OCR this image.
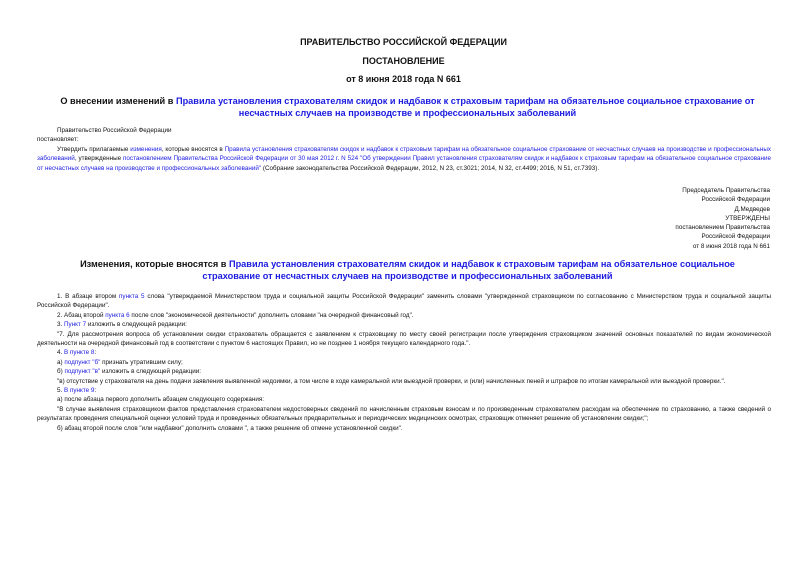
ПРАВИТЕЛЬСТВО РОССИЙСКОЙ ФЕДЕРАЦИИ
ПОСТАНОВЛЕНИЕ
от 8 июня 2018 года N 661
О внесении изменений в Правила установления страхователям скидок и надбавок к страховым тарифам на обязательное социальное страхование от несчастных случаев на производстве и профессиональных заболеваний

Правительство Российской Федерации

постановляет:

Утвердить прилагаемые изменения, которые вносятся в Правила установления страхователям скидок и надбавок к страховым тарифам на обязательное социальное страхование от несчастных случаев на производстве и профессиональных заболеваний, утвержденные постановлением Правительства Российской Федерации от 30 мая 2012 г. N 524 "Об утверждении Правил установления страхователям скидок и надбавок к страховым тарифам на обязательное социальное страхование от несчастных случаев на производстве и профессиональных заболеваний" (Собрание законодательства Российской Федерации, 2012, N 23, ст.3021; 2014, N 32, ст.4499; 2016, N 51, ст.7393).

Председатель Правительства
Российской Федерации
Д.Медведев
УТВЕРЖДЕНЫ
постановлением Правительства
Российской Федерации
от 8 июня 2018 года N 661
Изменения, которые вносятся в Правила установления страхователям скидок и надбавок к страховым тарифам на обязательное социальное страхование от несчастных случаев на производстве и профессиональных заболеваний

1. В абзаце втором пункта 5 слова "утверждаемой Министерством труда и социальной защиты Российской Федерации" заменить словами "утвержденной страховщиком по согласованию с Министерством труда и социальной защиты Российской Федерации".

2. Абзац второй пункта 6 после слов "экономической деятельности" дополнить словами "на очередной финансовый год".

3. Пункт 7 изложить в следующей редакции:

"7. Для рассмотрения вопроса об установлении скидки страхователь обращается с заявлением к страховщику по месту своей регистрации после утверждения страховщиком значений основных показателей по видам экономической деятельности на очередной финансовый год в соответствии с пунктом 6 настоящих Правил, но не позднее 1 ноября текущего календарного года.".

4. В пункте 8:

а) подпункт "б" признать утратившим силу;

б) подпункт "в" изложить в следующей редакции:

"в) отсутствие у страхователя на день подачи заявления выявленной недоимки, а том числе в ходе камеральной или выездной проверки, и (или) начисленных пеней и штрафов по итогам камеральной или выездной проверки.".

5. В пункте 9:

а) после абзаца первого дополнить абзацем следующего содержания:

"В случае выявления страховщиком фактов представления страхователем недостоверных сведений по начисленным страховым взносам и по произведенным страхователем расходам на обеспечение по страхованию, а также сведений о результатах проведения специальной оценки условий труда и проведенных обязательных предварительных и периодических медицинских осмотрах, страховщик отменяет решение об установлении скидки;";

б) абзац второй после слов "или надбавки" дополнить словами ", а также решение об отмене установленной скидки".
